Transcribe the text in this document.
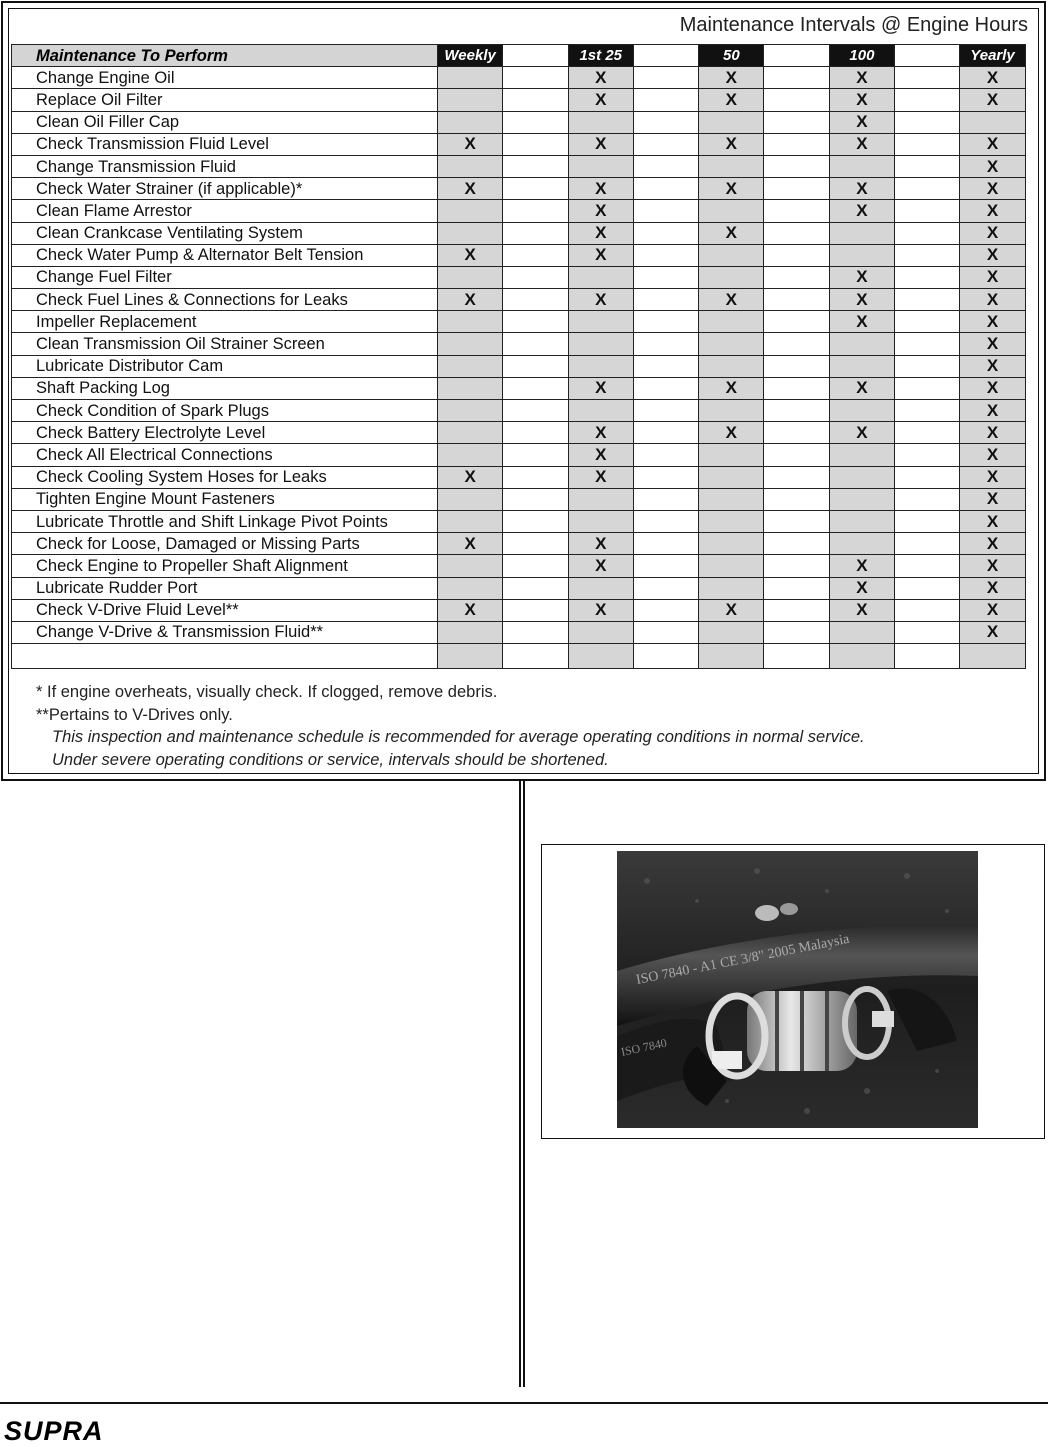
Maintenance Intervals @ Engine Hours
Maintenance To Perform	Weekly		1st 25		50		100		Yearly
Change Engine Oil			X		X		X		X
Replace Oil Filter			X		X		X		X
Clean Oil Filler Cap							X		
Check Transmission Fluid Level	X		X		X		X		X
Change Transmission Fluid									X
Check Water Strainer (if applicable)*	X		X		X		X		X
Clean Flame Arrestor			X				X		X
Clean Crankcase Ventilating System			X		X				X
Check Water Pump & Alternator Belt Tension	X		X						X
Change Fuel Filter							X		X
Check Fuel Lines & Connections for Leaks	X		X		X		X		X
Impeller Replacement							X		X
Clean Transmission Oil Strainer Screen									X
Lubricate Distributor Cam									X
Shaft Packing Log			X		X		X		X
Check Condition of Spark Plugs									X
Check Battery Electrolyte Level			X		X		X		X
Check All Electrical Connections			X						X
Check Cooling System Hoses for Leaks	X		X						X
Tighten Engine Mount Fasteners									X
Lubricate Throttle and Shift Linkage Pivot Points									X
Check for Loose, Damaged or Missing Parts	X		X						X
Check Engine to Propeller Shaft Alignment			X				X		X
Lubricate Rudder Port							X		X
Check V-Drive Fluid Level**	X		X		X		X		X
Change V-Drive & Transmission Fluid**									X

* If engine overheats, visually check. If clogged, remove debris.
**Pertains to V-Drives only.
This inspection and maintenance schedule is recommended for average operating conditions in normal service.
Under severe operating conditions or service, intervals should be shortened.
ISO 7840 - A1 CE 3/8" 2005 Malaysia
ISO 7840
SUPRA
